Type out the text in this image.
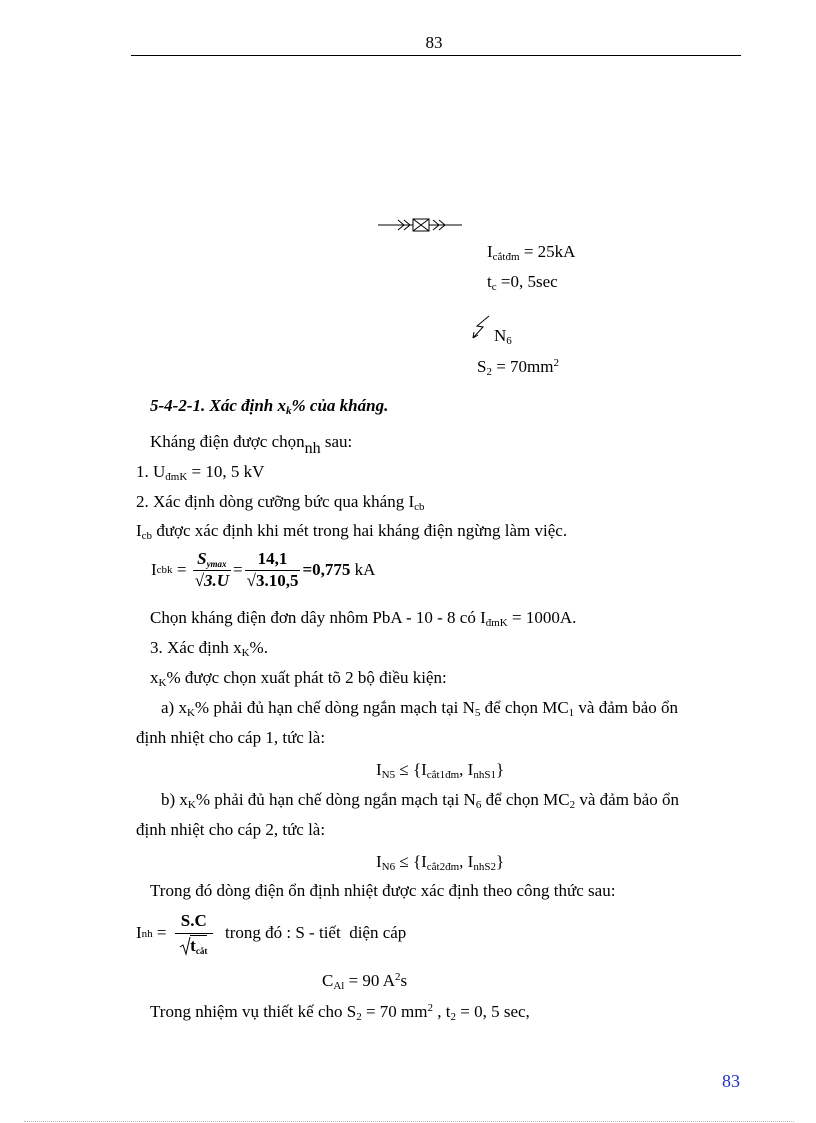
83
$I_{cắtđm} = 25kA$
$t_c =0$, 5sec
$N_6$
$S_2 = 70mm^2$
5-4-2-1. Xác định $x_k\%$ của kháng.
Kháng điện được chọn$_{nh}$ sau:
1. $U_{đmK} = 10$, 5 kV
2. Xác định dòng cưỡng bức qua kháng $I_{cb}$
$I_{cb}$ được xác định khi mét trong hai kháng điện ngừng làm việc.
I cbk = $\frac{S_{ymax}}{√3.U} = \frac{14,1}{√3.10,5} =0,775$ kA
Chọn kháng điện đơn dây nhôm PbA - 10 - 8 có $I_{đmK} = 1000A$.
3. Xác định $x_K\%$.
$x_K\%$ được chọn xuất phát tõ 2 bộ điều kiện:
a) $x_K\%$ phải đủ hạn chế dòng ngắn mạch tại $N_5$ để chọn $MC_1$ và đảm bảo ổn
định nhiệt cho cáp 1, tức là:
$I_{N5} \le \{I_{cắt1đm}$, $I_{nhS1}$}
b) $x_K\%$ phải đủ hạn chế dòng ngắn mạch tại $N_6$ để chọn $MC_2$ và đảm bảo ổn
định nhiệt cho cáp 2, tức là:
$I_{N6} \le \{I_{cắt2đm}$, $I_{nhS2}$}
Trong đó dòng điện ổn định nhiệt được xác định theo công thức sau:
I nh = $\frac{S.C}{t_{cắt}}$ trong đó : S - tiết  diện cáp
$C_{Al} = 90$ $A^2s$
Trong nhiệm vụ thiết kế cho $S_2 = 70$ $mm^2$ , $t_2 = 0$, 5 sec,
83
